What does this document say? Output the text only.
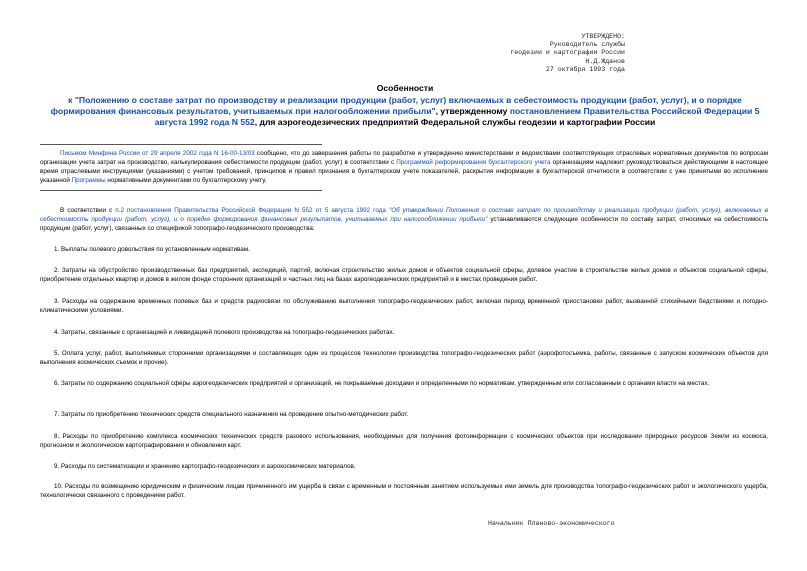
УТВЕРЖДЕНО:
Руководитель службы
геодезии и картографии России
Н.Д.Жданов
27 октября 1993 года
Особенности
к "Положению о составе затрат по производству и реализации продукции (работ, услуг) включаемых в себестоимость продукции (работ, услуг), и о порядке формирования финансовых результатов, учитываемых при налогообложении прибыли", утвержденному постановлением Правительства Российской Федерации 5 августа 1992 года N 552, для аэрогеодезических предприятий Федеральной службы геодезии и картографии России

Письмом Минфина России от 29 апреля 2002 года N 16-00-13/03 сообщено, что до завершения работы по разработке и утверждению министерствами и ведомствами соответствующих отраслевых нормативных документов по вопросам организации учета затрат на производство, калькулирования себестоимости продукции (работ, услуг) в соответствии с Программой реформирования бухгалтерского учета организациям надлежит руководствоваться действующими в настоящее время отраслевыми инструкциями (указаниями) с учетом требований, принципов и правил признания в бухгалтерском учете показателей, раскрытия информации в бухгалтерской отчетности в соответствии с уже принятыми во исполнение указанной Программы нормативными документами по бухгалтерскому учету.

В соответствии с п.2 постановления Правительства Российской Федерации N 552 от 5 августа 1992 года "Об утверждении Положения о составе затрат по производству и реализации продукции (работ, услуг), включаемых в себестоимость продукции (работ, услуг), и о порядке формирования финансовых результатов, учитываемых при налогообложении прибыли" устанавливаются следующие особенности по составу затрат, относимых на себестоимость продукции (работ, услуг), связанных со спецификой топографо-геодезического производства:

1. Выплаты полевого довольствия по установленным нормативам.
2. Затраты на обустройство производственных баз предприятий, экспедиций, партий, включая строительство жилых домов и объектов социальной сферы, долевое участие в строительстве жилых домов и объектов социальной сферы, приобретение отдельных квартир и домов в жилом фонде сторонних организаций и частных лиц на базах аэрогеодезических предприятий и в местах проведения работ.
3. Расходы на содержание временных полевых баз и средств радиосвязи по обслуживанию выполнения топографо-геодезических работ, включая период временной приостановки работ, вызванной стихийными бедствиями и погодно-климатическими условиями.
4. Затраты, связанные с организацией и ликвидацией полевого производства на топографо-геодезических работах.
5. Оплата услуг, работ, выполняемых сторонними организациями и составляющих один из процессов технологии производства топографо-геодезических работ (аэрофотосъемка, работы, связанные с запуском космических объектов для выполнения космических съемок и прочие).
6. Затраты по содержанию социальной сферы аэрогеодезических предприятий и организаций, не покрываемые доходами и определенными по нормативам, утвержденным или согласованным с органами власти на местах.
7. Затраты по приобретению технических средств специального назначения на проведение опытно-методических работ.
8. Расходы по приобретению комплекса космических технических средств разового использования, необходимых для получения фотоинформации с космических объектов при исследовании природных ресурсов Земли из космоса, прогнозном и экологическом картографировании и обновлении карт.
9. Расходы по систематизации и хранению картографо-геодезических и аэрокосмических материалов.
10. Расходы по возмещению юридическим и физическим лицам причиненного им ущерба в связи с временным и постоянным занятием используемых ими земель для производства топографо-геодезических работ и экологического ущерба, технологически связанного с проведением работ.
Начальник Планово-экономического
